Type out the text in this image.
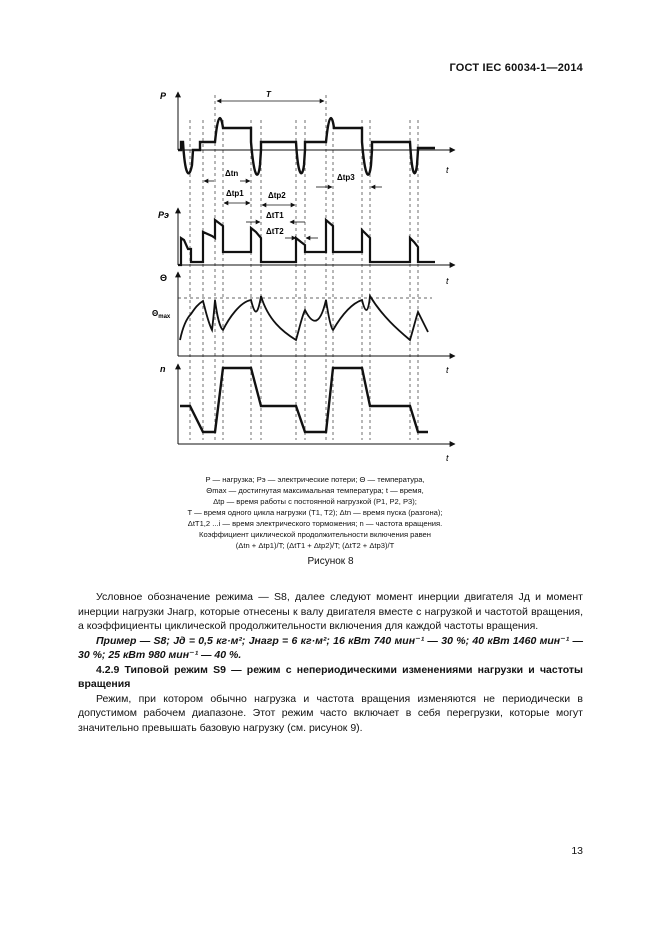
ГОСТ IEC 60034-1—2014
P
t
T
Δtn
Δtp1	Δtp2
Δtp3
ΔtT1
ΔtT2
Pэ
t
Θ
$\Theta_{max}$
t
n
t
P — нагрузка; Pэ — электрические потери; Θ — температура,
Θmax — достигнутая максимальная температура; t — время,
Δtp — время работы с постоянной нагрузкой (P1, P2, P3);
T — время одного цикла нагрузки (T1, T2); Δtn — время пуска (разгона);
ΔtT1,2 ...i — время электрического торможения; n — частота вращения.
Коэффициент циклической продолжительности включения равен
(Δtn + Δtp1)/T; (ΔtT1 + Δtp2)/T; (ΔtT2 + Δtp3)/T
Рисунок 8

Условное обозначение режима — S8, далее следуют момент инерции двигателя Jд и момент инерции нагрузки Jнагр, которые отнесены к валу двигателя вместе с нагрузкой и частотой вращения, а коэффициенты циклической продолжительности включения для каждой частоты вращения.

Пример — S8; Jд = 0,5 кг·м²; Jнагр = 6 кг·м²; 16 кВт 740 мин⁻¹ — 30 %; 40 кВт 1460 мин⁻¹ — 30 %; 25 кВт 980 мин⁻¹ — 40 %.

4.2.9 Типовой режим S9 — режим с непериодическими изменениями нагрузки и частоты вращения

Режим, при котором обычно нагрузка и частота вращения изменяются не периодически в допустимом рабочем диапазоне. Этот режим часто включает в себя перегрузки, которые могут значительно превышать базовую нагрузку (см. рисунок 9).

13
